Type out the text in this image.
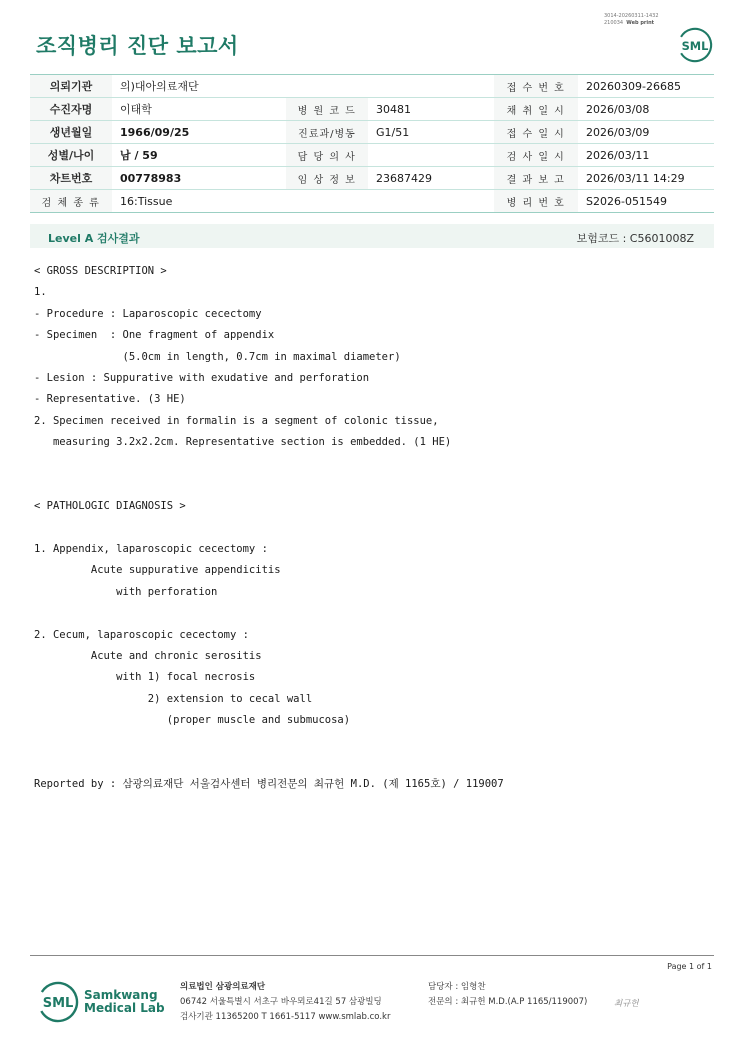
조직병리 진단 보고서
3014-20260311-1432
210034 Web print
SML
의뢰기관	의)대아의료재단			접 수 번 호	20260309-26685
수진자명	이태학	병 원 코 드	30481	채 취 일 시	2026/03/08
생년월일	1966/09/25	진료과/병동	G1/51	접 수 일 시	2026/03/09
성별/나이	남 / 59	담 당 의 사		검 사 일 시	2026/03/11
차트번호	00778983	임 상 정 보	23687429	결 과 보 고	2026/03/11 14:29
검 체 종 류	16:Tissue			병 리 번 호	S2026-051549
Level A 검사결과	보험코드 : C5601008Z
< GROSS DESCRIPTION >
1.
- Procedure : Laparoscopic cecectomy
- Specimen  : One fragment of appendix
(5.0cm in length, 0.7cm in maximal diameter)
- Lesion : Suppurative with exudative and perforation
- Representative. (3 HE)
2. Specimen received in formalin is a segment of colonic tissue,
measuring 3.2x2.2cm. Representative section is embedded. (1 HE)
< PATHOLOGIC DIAGNOSIS >
1. Appendix, laparoscopic cecectomy :
Acute suppurative appendicitis
with perforation
2. Cecum, laparoscopic cecectomy :
Acute and chronic serositis
with 1) focal necrosis
2) extension to cecal wall
(proper muscle and submucosa)
Reported by : 삼광의료재단 서울검사센터 병리전문의 최규헌 M.D. (제 1165호) / 119007
Page 1 of 1
SML
Samkwang
Medical Lab
의료법인 삼광의료재단
06742 서울특별시 서초구 바우뫼로41길 57 삼광빌딩
검사기관 11365200 T 1661-5117 www.smlab.co.kr
담당자 : 임형찬
전문의 : 최규헌 M.D.(A.P 1165/119007)	최규헌
